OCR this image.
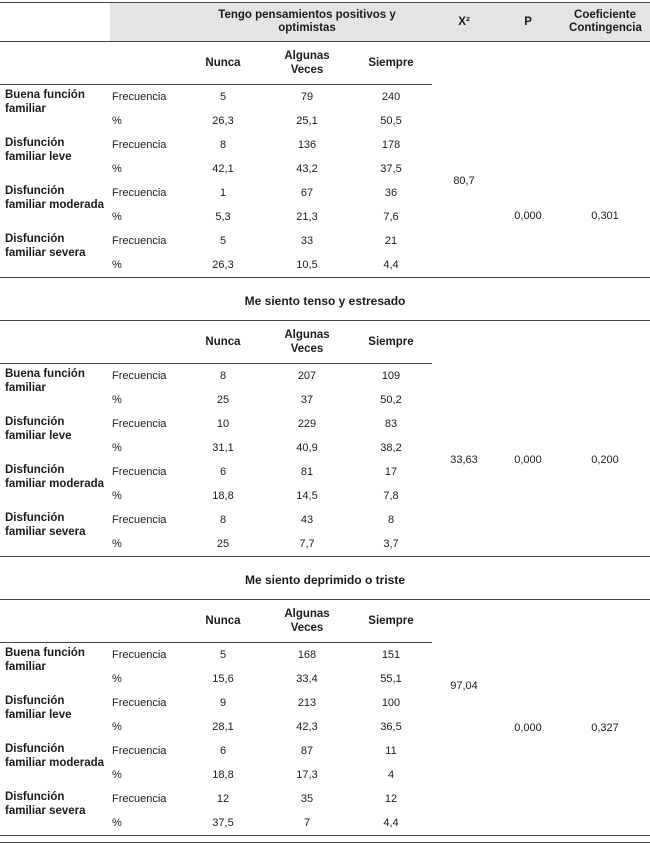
		Tengo pensamientos positivos y optimistas			X²	P	Coeficiente Contingencia

		Nunca	Algunas Veces	Siempre			
Buena función familiar	Frecuencia	5	79	240	80,7	0,000	0,301

	%	26,3	25,1	50,5			
Disfunción familiar leve	Frecuencia	8	136	178			
	%	42,1	43,2	37,5			
Disfunción familiar moderada	Frecuencia	1	67	36			
	%	5,3	21,3	7,6			
Disfunción familiar severa	Frecuencia	5	33	21			
	%	26,3	10,5	4,4			
Me siento tenso y estresado
		Nunca	Algunas Veces	Siempre			
Buena función familiar	Frecuencia	8	207	109	33,63	0,000	0,200

	%	25	37	50,2			
Disfunción familiar leve	Frecuencia	10	229	83			
	%	31,1	40,9	38,2			
Disfunción familiar moderada	Frecuencia	6	81	17			
	%	18,8	14,5	7,8			
Disfunción familiar severa	Frecuencia	8	43	8			
	%	25	7,7	3,7			
Me siento deprimido o triste
		Nunca	Algunas Veces	Siempre			
Buena función familiar	Frecuencia	5	168	151	97,04	0,000	0,327

	%	15,6	33,4	55,1			
Disfunción familiar leve	Frecuencia	9	213	100			
	%	28,1	42,3	36,5			
Disfunción familiar moderada	Frecuencia	6	87	11			
	%	18,8	17,3	4			
Disfunción familiar severa	Frecuencia	12	35	12			
	%	37,5	7	4,4			
